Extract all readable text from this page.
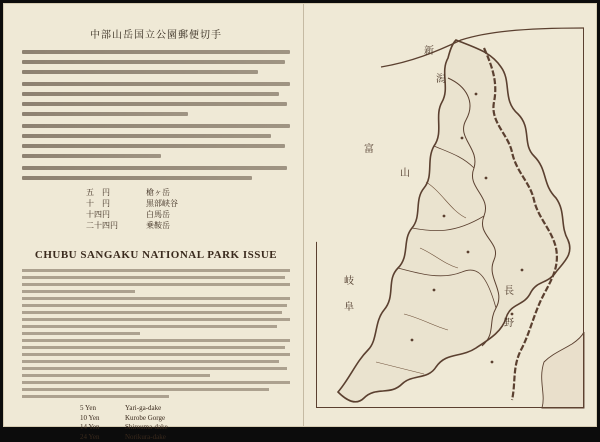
中部山岳国立公園郵便切手
五　円	槍ヶ岳
十　円	黒部峡谷
十四円	白馬岳
二十四円	乗鞍岳
CHUBU SANGAKU NATIONAL PARK ISSUE
5 Yen	Yari-ga-dake
10 Yen	Kurobe Gorge
14 Yen	Shirouma-dake
24 Yen	Norikura-dake
新
潟
富
山
長
野
岐
阜
